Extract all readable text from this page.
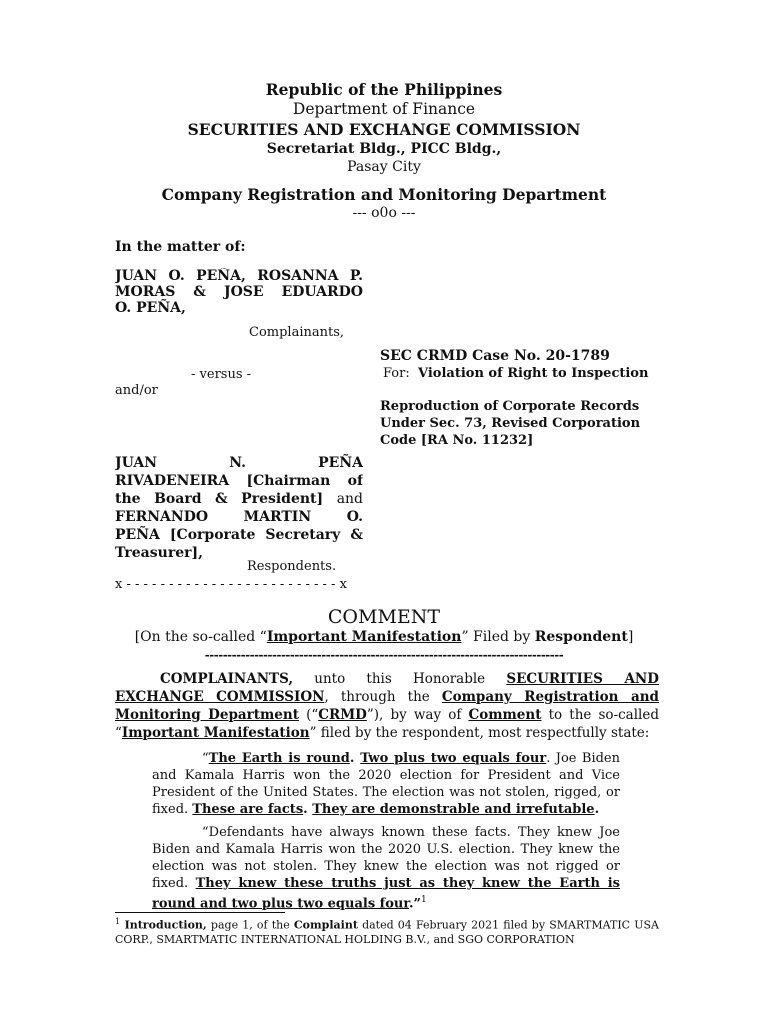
Republic of the Philippines
Department of Finance
SECURITIES AND EXCHANGE COMMISSION
Secretariat Bldg., PICC Bldg.,
Pasay City
Company Registration and Monitoring Department
--- o0o ---
In the matter of:
JUAN O. PEÑA, ROSANNA P.
MORAS & JOSE EDUARDO
O. PEÑA,
Complainants,
- versus -
and/or
JUAN N. PEÑA
RIVADENEIRA [Chairman of
the Board & President] and
FERNANDO MARTIN O.
PEÑA [Corporate Secretary &
Treasurer],
Respondents.
x - - - - - - - - - - - - - - - - - - - - - - - - - x
SEC CRMD Case No. 20-1789
For: Violation of Right to Inspection
Reproduction of Corporate Records
Under Sec. 73, Revised Corporation
Code [RA No. 11232]
COMMENT
[On the so-called “Important Manifestation” Filed by Respondent]
--------------------------------------------------------------------------------
COMPLAINANTS, unto this Honorable SECURITIES AND EXCHANGE COMMISSION, through the Company Registration and Monitoring Department (“CRMD”), by way of Comment to the so-called “Important Manifestation” filed by the respondent, most respectfully state:
“The Earth is round. Two plus two equals four. Joe Biden and Kamala Harris won the 2020 election for President and Vice President of the United States. The election was not stolen, rigged, or fixed. These are facts. They are demonstrable and irrefutable.
“Defendants have always known these facts. They knew Joe Biden and Kamala Harris won the 2020 U.S. election. They knew the election was not stolen. They knew the election was not rigged or fixed. They knew these truths just as they knew the Earth is round and two plus two equals four.”$^1$
$^1$ Introduction, page 1, of the Complaint dated 04 February 2021 filed by SMARTMATIC USA CORP., SMARTMATIC INTERNATIONAL HOLDING B.V., and SGO CORPORATION
